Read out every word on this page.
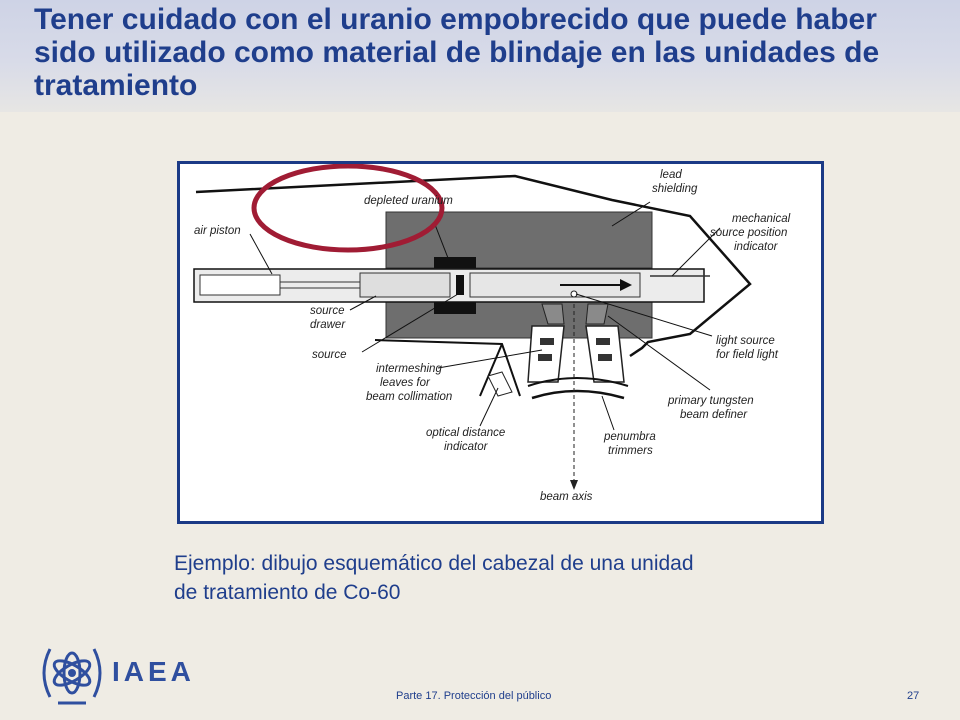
Tener cuidado con el uranio empobrecido que puede haber sido utilizado como material de blindaje en las unidades de tratamiento
depleted uranium
lead
shielding
air piston
mechanical
source position
indicator
source
drawer
source
light source
for field light
intermeshing
leaves for
beam collimation	primary tungsten
beam definer
optical distance
indicator
penumbra
trimmers
beam axis
Ejemplo: dibujo esquemático del cabezal de una unidad
de tratamiento de Co-60
IAEA
Parte 17. Protección del público	27
